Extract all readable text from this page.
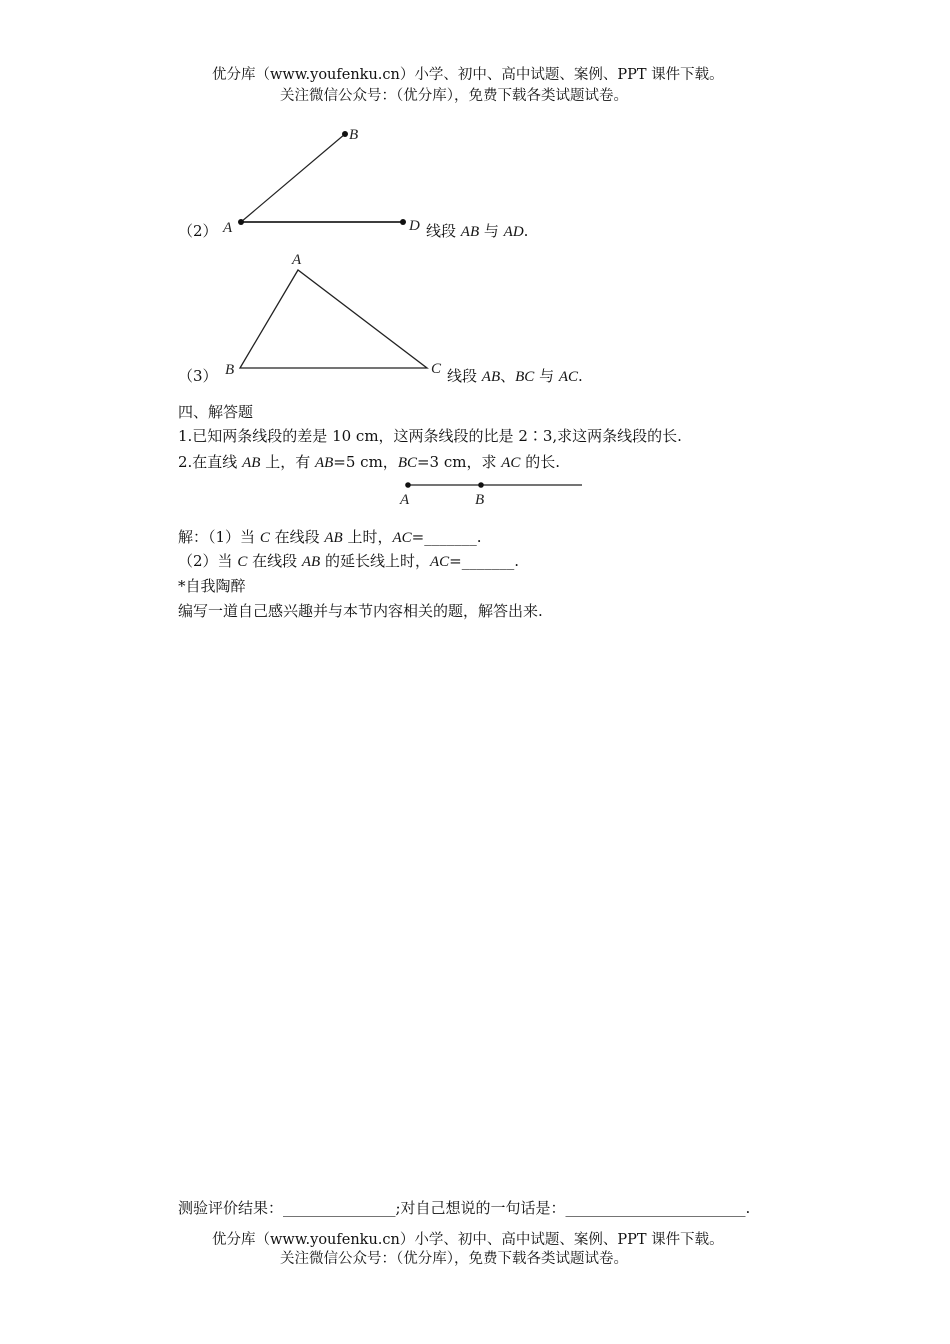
优分库（www.youfenku.cn）小学、初中、高中试题、案例、PPT 课件下载。
关注微信公众号：（优分库），免费下载各类试题试卷。
B
A	D
（2）	线段 AB 与 AD.
A
B	C
（3）	线段 AB、BC 与 AC.
四、解答题
1.已知两条线段的差是 10 cm，这两条线段的比是 2∶3,求这两条线段的长.
2.在直线 AB 上，有 AB=5 cm，BC=3 cm，求 AC 的长.
A	B
解：（1）当 C 在线段 AB 上时，AC=_______.
（2）当 C 在线段 AB 的延长线上时，AC=_______.
*自我陶醉
编写一道自己感兴趣并与本节内容相关的题，解答出来.
测验评价结果：_______________;对自己想说的一句话是：________________________.
优分库（www.youfenku.cn）小学、初中、高中试题、案例、PPT 课件下载。
关注微信公众号：（优分库），免费下载各类试题试卷。
